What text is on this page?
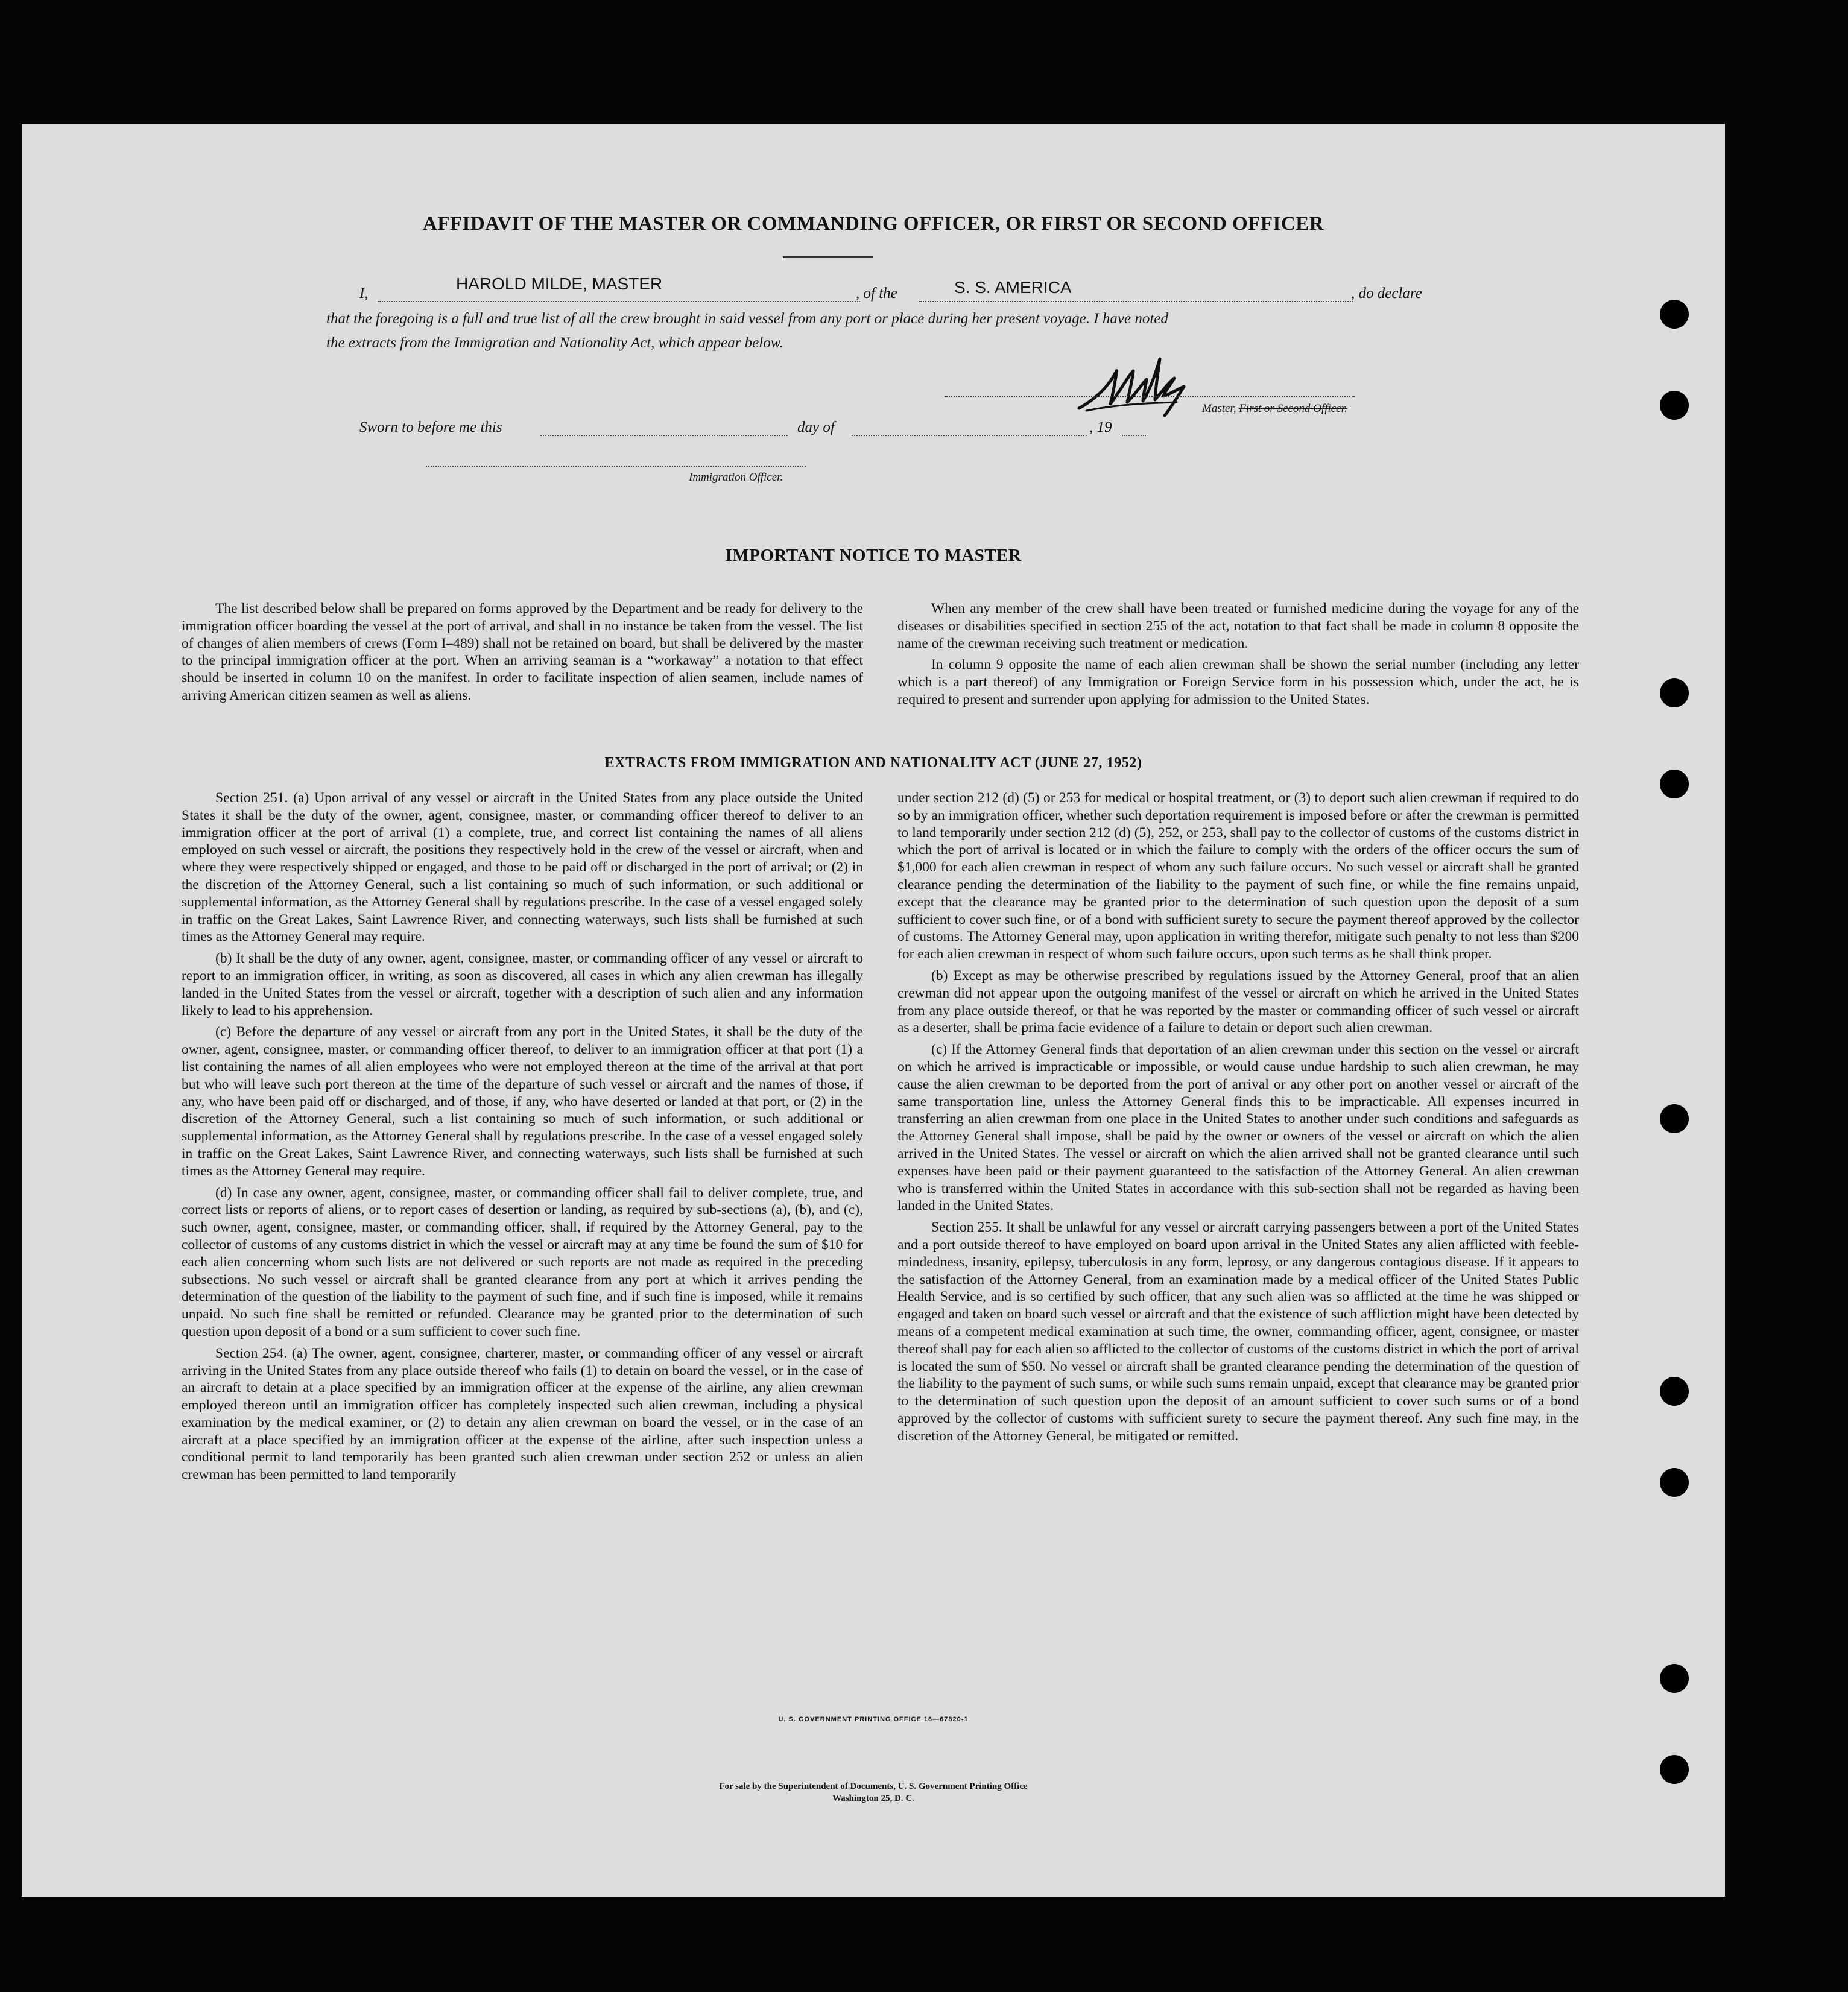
AFFIDAVIT OF THE MASTER OR COMMANDING OFFICER, OR FIRST OR SECOND OFFICER
I,
HAROLD MILDE, MASTER
, of the	S. S. AMERICA	, do declare
that the foregoing is a full and true list of all the crew brought in said vessel from any port or place during her present voyage. I have noted
the extracts from the Immigration and Nationality Act, which appear below.
Master, First or Second Officer.
Sworn to before me this	day of	, 19
Immigration Officer.
IMPORTANT NOTICE TO MASTER

The list described below shall be prepared on forms approved by the Department and be ready for delivery to the immigration officer boarding the vessel at the port of arrival, and shall in no instance be taken from the vessel. The list of changes of alien members of crews (Form I–489) shall not be retained on board, but shall be delivered by the master to the principal immigration officer at the port. When an arriving seaman is a “workaway” a notation to that effect should be inserted in column 10 on the manifest. In order to facilitate inspection of alien seamen, include names of arriving American citizen seamen as well as aliens.

When any member of the crew shall have been treated or furnished medicine during the voyage for any of the diseases or disabilities specified in section 255 of the act, notation to that fact shall be made in column 8 opposite the name of the crewman receiving such treatment or medication.

In column 9 opposite the name of each alien crewman shall be shown the serial number (including any letter which is a part thereof) of any Immigration or Foreign Service form in his possession which, under the act, he is required to present and surrender upon applying for admission to the United States.

EXTRACTS FROM IMMIGRATION AND NATIONALITY ACT (JUNE 27, 1952)

Section 251. (a) Upon arrival of any vessel or aircraft in the United States from any place outside the United States it shall be the duty of the owner, agent, consignee, master, or commanding officer thereof to deliver to an immigration officer at the port of arrival (1) a complete, true, and correct list containing the names of all aliens employed on such vessel or aircraft, the positions they respectively hold in the crew of the vessel or aircraft, when and where they were respectively shipped or engaged, and those to be paid off or discharged in the port of arrival; or (2) in the discretion of the Attorney General, such a list containing so much of such information, or such additional or supplemental information, as the Attorney General shall by regulations prescribe. In the case of a vessel engaged solely in traffic on the Great Lakes, Saint Lawrence River, and connecting waterways, such lists shall be furnished at such times as the Attorney General may require.

(b) It shall be the duty of any owner, agent, consignee, master, or commanding officer of any vessel or aircraft to report to an immigration officer, in writing, as soon as discovered, all cases in which any alien crewman has illegally landed in the United States from the vessel or aircraft, together with a description of such alien and any information likely to lead to his apprehension.

(c) Before the departure of any vessel or aircraft from any port in the United States, it shall be the duty of the owner, agent, consignee, master, or commanding officer thereof, to deliver to an immigration officer at that port (1) a list containing the names of all alien employees who were not employed thereon at the time of the arrival at that port but who will leave such port thereon at the time of the departure of such vessel or aircraft and the names of those, if any, who have been paid off or discharged, and of those, if any, who have deserted or landed at that port, or (2) in the discretion of the Attorney General, such a list containing so much of such information, or such additional or supplemental information, as the Attorney General shall by regulations prescribe. In the case of a vessel engaged solely in traffic on the Great Lakes, Saint Lawrence River, and connecting waterways, such lists shall be furnished at such times as the Attorney General may require.

(d) In case any owner, agent, consignee, master, or commanding officer shall fail to deliver complete, true, and correct lists or reports of aliens, or to report cases of desertion or landing, as required by sub-sections (a), (b), and (c), such owner, agent, consignee, master, or commanding officer, shall, if required by the Attorney General, pay to the collector of customs of any customs district in which the vessel or aircraft may at any time be found the sum of $10 for each alien concerning whom such lists are not delivered or such reports are not made as required in the preceding subsections. No such vessel or aircraft shall be granted clearance from any port at which it arrives pending the determination of the question of the liability to the payment of such fine, and if such fine is imposed, while it remains unpaid. No such fine shall be remitted or refunded. Clearance may be granted prior to the determination of such question upon deposit of a bond or a sum sufficient to cover such fine.

Section 254. (a) The owner, agent, consignee, charterer, master, or commanding officer of any vessel or aircraft arriving in the United States from any place outside thereof who fails (1) to detain on board the vessel, or in the case of an aircraft to detain at a place specified by an immigration officer at the expense of the airline, any alien crewman employed thereon until an immigration officer has completely inspected such alien crewman, including a physical examination by the medical examiner, or (2) to detain any alien crewman on board the vessel, or in the case of an aircraft at a place specified by an immigration officer at the expense of the airline, after such inspection unless a conditional permit to land temporarily has been granted such alien crewman under section 252 or unless an alien crewman has been permitted to land temporarily

under section 212 (d) (5) or 253 for medical or hospital treatment, or (3) to deport such alien crewman if required to do so by an immigration officer, whether such deportation requirement is imposed before or after the crewman is permitted to land temporarily under section 212 (d) (5), 252, or 253, shall pay to the collector of customs of the customs district in which the port of arrival is located or in which the failure to comply with the orders of the officer occurs the sum of $1,000 for each alien crewman in respect of whom any such failure occurs. No such vessel or aircraft shall be granted clearance pending the determination of the liability to the payment of such fine, or while the fine remains unpaid, except that the clearance may be granted prior to the determination of such question upon the deposit of a sum sufficient to cover such fine, or of a bond with sufficient surety to secure the payment thereof approved by the collector of customs. The Attorney General may, upon application in writing therefor, mitigate such penalty to not less than $200 for each alien crewman in respect of whom such failure occurs, upon such terms as he shall think proper.

(b) Except as may be otherwise prescribed by regulations issued by the Attorney General, proof that an alien crewman did not appear upon the outgoing manifest of the vessel or aircraft on which he arrived in the United States from any place outside thereof, or that he was reported by the master or commanding officer of such vessel or aircraft as a deserter, shall be prima facie evidence of a failure to detain or deport such alien crewman.

(c) If the Attorney General finds that deportation of an alien crewman under this section on the vessel or aircraft on which he arrived is impracticable or impossible, or would cause undue hardship to such alien crewman, he may cause the alien crewman to be deported from the port of arrival or any other port on another vessel or aircraft of the same transportation line, unless the Attorney General finds this to be impracticable. All expenses incurred in transferring an alien crewman from one place in the United States to another under such conditions and safeguards as the Attorney General shall impose, shall be paid by the owner or owners of the vessel or aircraft on which the alien arrived in the United States. The vessel or aircraft on which the alien arrived shall not be granted clearance until such expenses have been paid or their payment guaranteed to the satisfaction of the Attorney General. An alien crewman who is transferred within the United States in accordance with this sub-section shall not be regarded as having been landed in the United States.

Section 255. It shall be unlawful for any vessel or aircraft carrying passengers between a port of the United States and a port outside thereof to have employed on board upon arrival in the United States any alien afflicted with feeble-mindedness, insanity, epilepsy, tuberculosis in any form, leprosy, or any dangerous contagious disease. If it appears to the satisfaction of the Attorney General, from an examination made by a medical officer of the United States Public Health Service, and is so certified by such officer, that any such alien was so afflicted at the time he was shipped or engaged and taken on board such vessel or aircraft and that the existence of such affliction might have been detected by means of a competent medical examination at such time, the owner, commanding officer, agent, consignee, or master thereof shall pay for each alien so afflicted to the collector of customs of the customs district in which the port of arrival is located the sum of $50. No vessel or aircraft shall be granted clearance pending the determination of the question of the liability to the payment of such sums, or while such sums remain unpaid, except that clearance may be granted prior to the determination of such question upon the deposit of an amount sufficient to cover such sums or of a bond approved by the collector of customs with sufficient surety to secure the payment thereof. Any such fine may, in the discretion of the Attorney General, be mitigated or remitted.

U. S. GOVERNMENT PRINTING OFFICE 16—67820-1
For sale by the Superintendent of Documents, U. S. Government Printing Office
Washington 25, D. C.
